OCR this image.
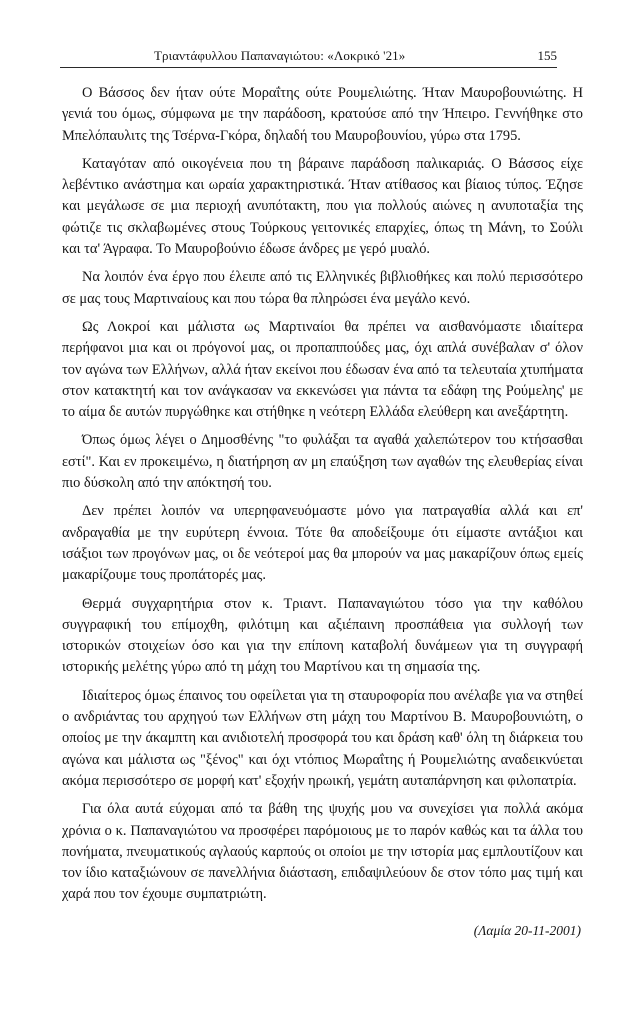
Τριαντάφυλλου Παπαναγιώτου: «Λοκρικό '21»	155

Ο Βάσσος δεν ήταν ούτε Μοραΐτης ούτε Ρουμελιώτης. Ήταν Μαυροβουνιώτης. Η γενιά του όμως, σύμφωνα με την παράδοση, κρατούσε από την Ήπειρο. Γεννήθηκε στο Μπελόπαυλιτς της Τσέρνα-Γκόρα, δηλαδή του Μαυροβουνίου, γύρω στα 1795.

Καταγόταν από οικογένεια που τη βάραινε παράδοση παλικαριάς. Ο Βάσσος είχε λεβέντικο ανάστημα και ωραία χαρακτηριστικά. Ήταν ατίθασος και βίαιος τύπος. Έζησε και μεγάλωσε σε μια περιοχή ανυπότακτη, που για πολλούς αιώνες η ανυποταξία της φώτιζε τις σκλαβωμένες στους Τούρκους γειτονικές επαρχίες, όπως τη Μάνη, το Σούλι και τα' Άγραφα. Το Μαυροβούνιο έδωσε άνδρες με γερό μυαλό.

Να λοιπόν ένα έργο που έλειπε από τις Ελληνικές βιβλιοθήκες και πολύ περισσότερο σε μας τους Μαρτιναίους και που τώρα θα πληρώσει ένα μεγάλο κενό.

Ως Λοκροί και μάλιστα ως Μαρτιναίοι θα πρέπει να αισθανόμαστε ιδιαίτερα περήφανοι μια και οι πρόγονοί μας, οι προπαππούδες μας, όχι απλά συνέβαλαν σ' όλον τον αγώνα των Ελλήνων, αλλά ήταν εκείνοι που έδωσαν ένα από τα τελευταία χτυπήματα στον κατακτητή και τον ανάγκασαν να εκκενώσει για πάντα τα εδάφη της Ρούμελης' με το αίμα δε αυτών πυργώθηκε και στήθηκε η νεότερη Ελλάδα ελεύθερη και ανεξάρτητη.

Όπως όμως λέγει ο Δημοσθένης "το φυλάξαι τα αγαθά χαλεπώτερον του κτήσασθαι εστί". Και εν προκειμένω, η διατήρηση αν μη επαύξηση των αγαθών της ελευθερίας είναι πιο δύσκολη από την απόκτησή του.

Δεν πρέπει λοιπόν να υπερηφανευόμαστε μόνο για πατραγαθία αλλά και επ' ανδραγαθία με την ευρύτερη έννοια. Τότε θα αποδείξουμε ότι είμαστε αντάξιοι και ισάξιοι των προγόνων μας, οι δε νεότεροί μας θα μπορούν να μας μακαρίζουν όπως εμείς μακαρίζουμε τους προπάτορές μας.

Θερμά συγχαρητήρια στον κ. Τριαντ. Παπαναγιώτου τόσο για την καθόλου συγγραφική του επίμοχθη, φιλότιμη και αξιέπαινη προσπάθεια για συλλογή των ιστορικών στοιχείων όσο και για την επίπονη καταβολή δυνάμεων για τη συγγραφή ιστορικής μελέτης γύρω από τη μάχη του Μαρτίνου και τη σημασία της.

Ιδιαίτερος όμως έπαινος του οφείλεται για τη σταυροφορία που ανέλαβε για να στηθεί ο ανδριάντας του αρχηγού των Ελλήνων στη μάχη του Μαρτίνου Β. Μαυροβουνιώτη, ο οποίος με την άκαμπτη και ανιδιοτελή προσφορά του και δράση καθ' όλη τη διάρκεια του αγώνα και μάλιστα ως "ξένος" και όχι ντόπιος Μωραΐτης ή Ρουμελιώτης αναδεικνύεται ακόμα περισσότερο σε μορφή κατ' εξοχήν ηρωική, γεμάτη αυταπάρνηση και φιλοπατρία.

Για όλα αυτά εύχομαι από τα βάθη της ψυχής μου να συνεχίσει για πολλά ακόμα χρόνια ο κ. Παπαναγιώτου να προσφέρει παρόμοιους με το παρόν καθώς και τα άλλα του πονήματα, πνευματικούς αγλαούς καρπούς οι οποίοι με την ιστορία μας εμπλουτίζουν και τον ίδιο καταξιώνουν σε πανελλήνια διάσταση, επιδαψιλεύουν δε στον τόπο μας τιμή και χαρά που τον έχουμε συμπατριώτη.

(Λαμία 20-11-2001)
